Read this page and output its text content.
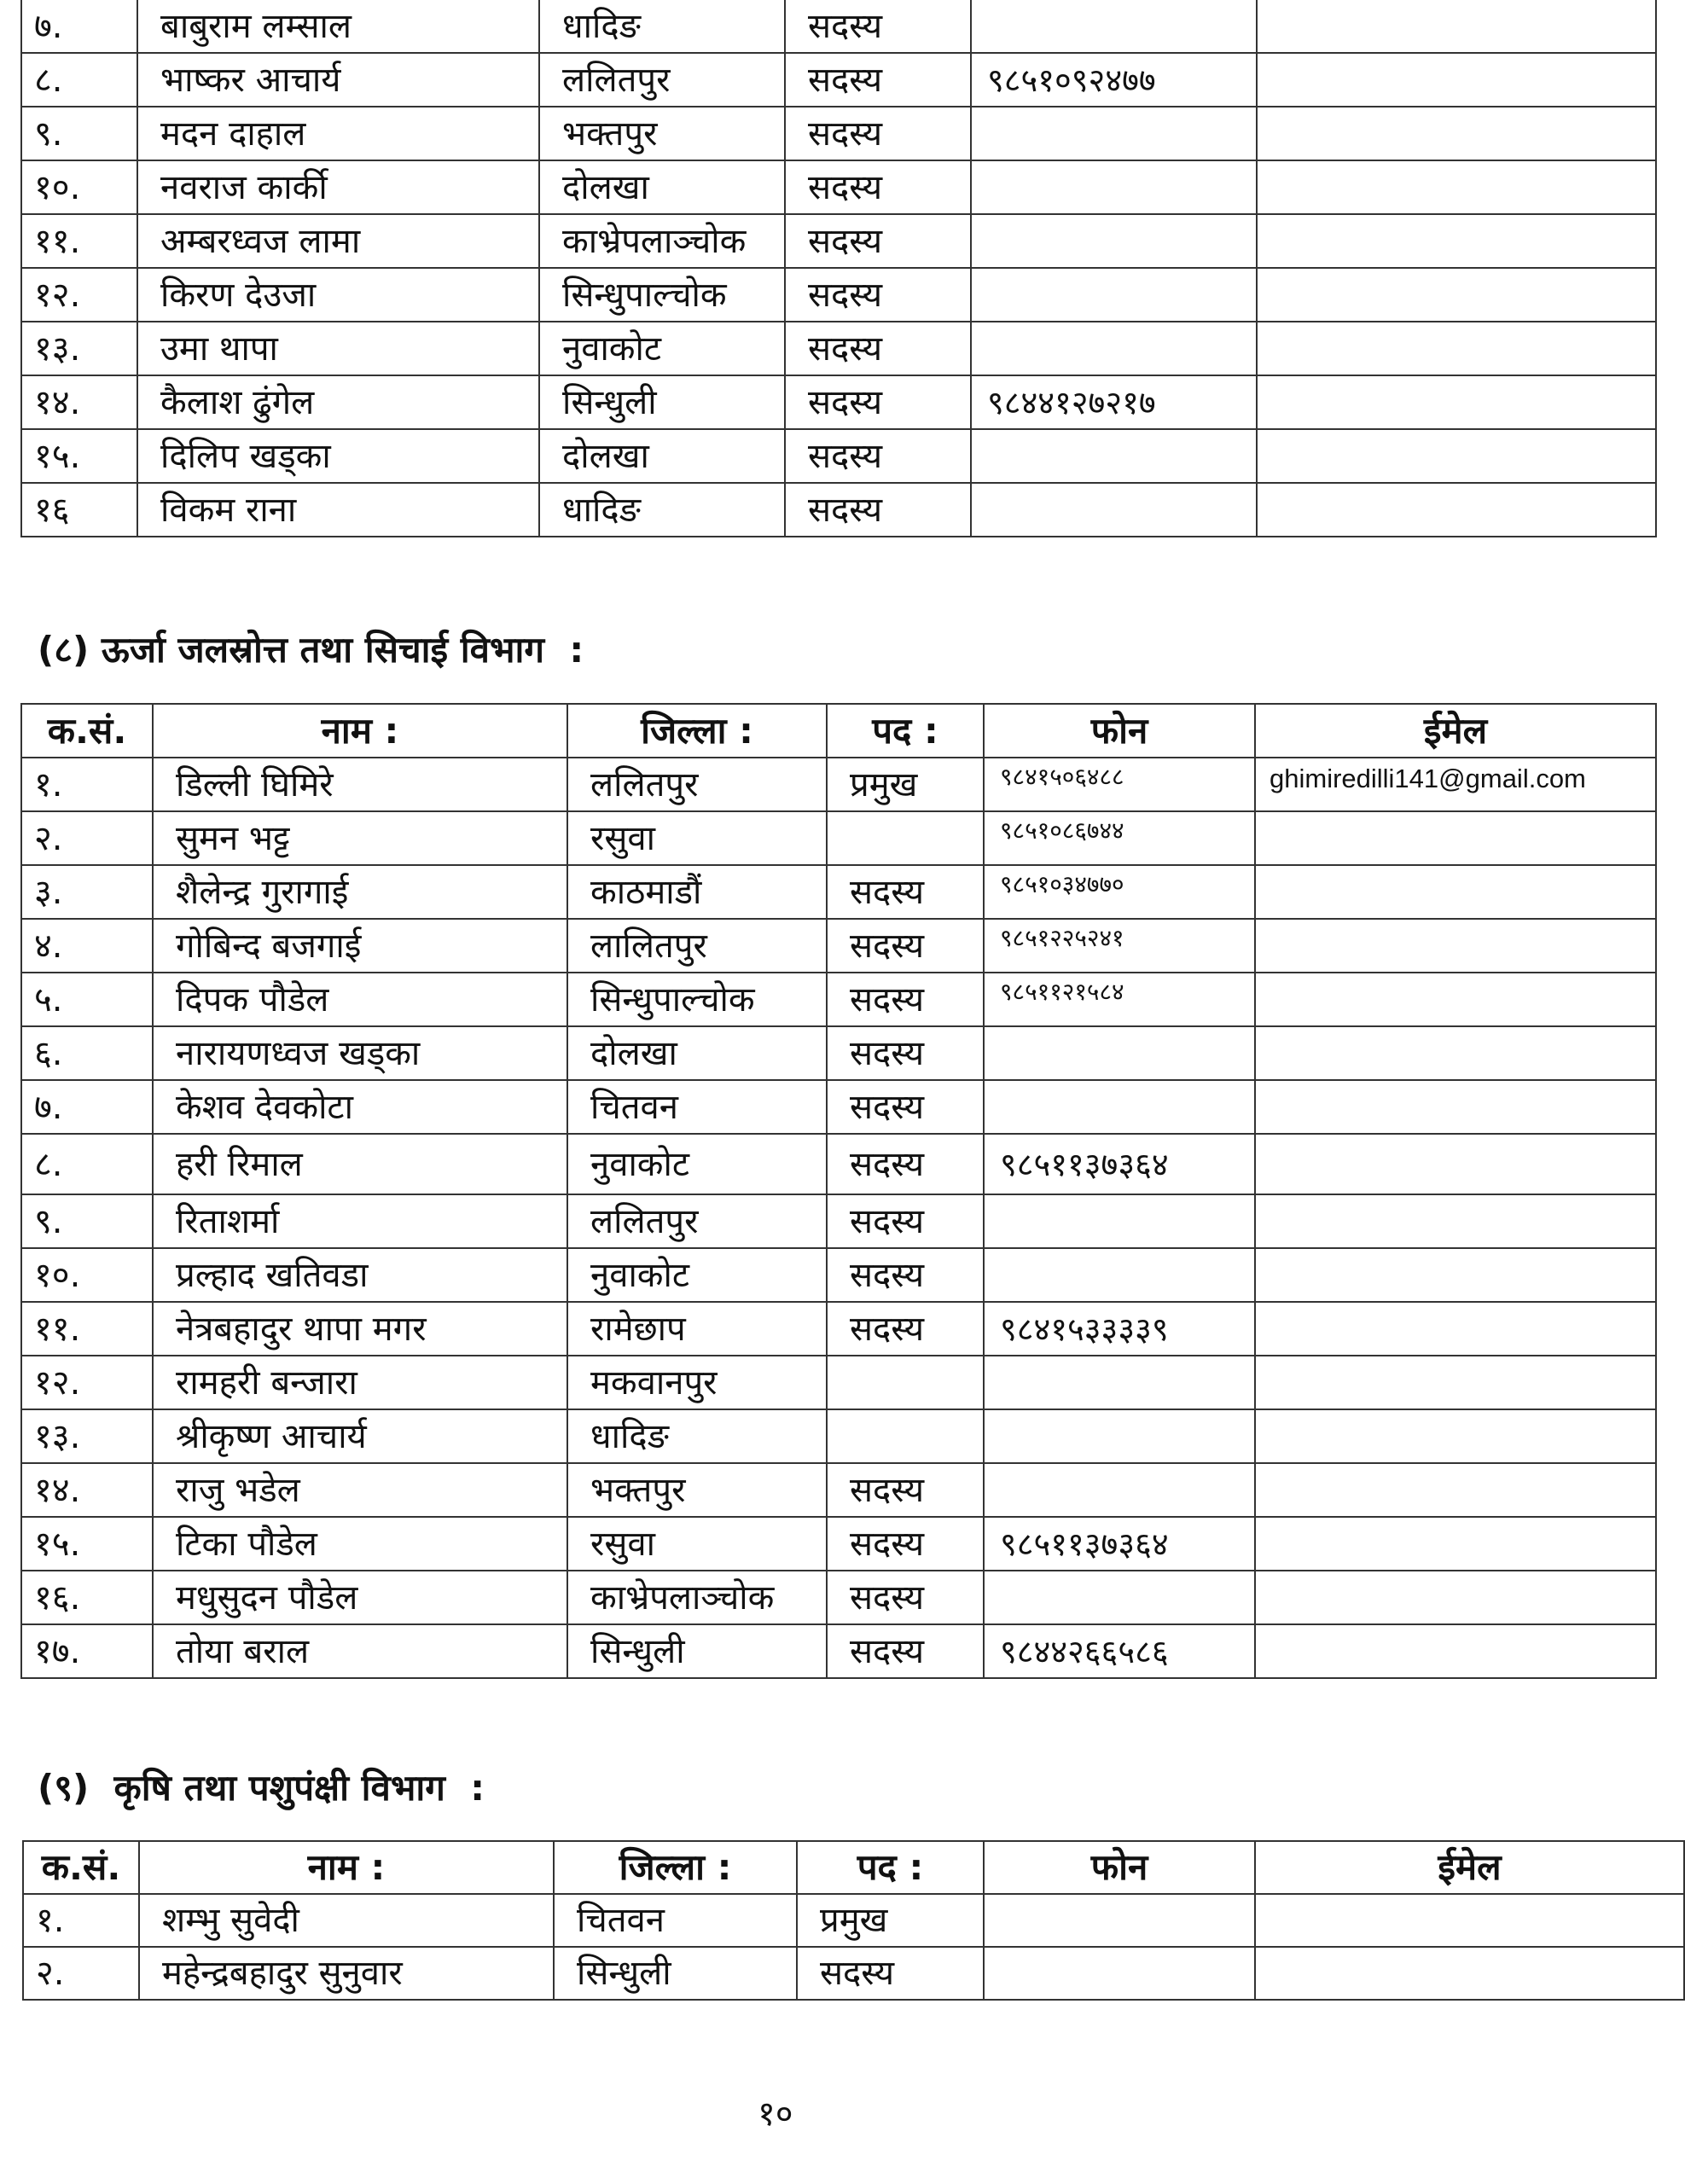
७.	बाबुराम लम्साल	धादिङ	सदस्य		
८.	भाष्कर आचार्य	ललितपुर	सदस्य	९८५१०९२४७७	
९.	मदन दाहाल	भक्तपुर	सदस्य		
१०.	नवराज कार्की	दोलखा	सदस्य		
११.	अम्बरध्वज लामा	काभ्रेपलाञ्चोक	सदस्य		
१२.	किरण देउजा	सिन्धुपाल्चोक	सदस्य		
१३.	उमा थापा	नुवाकोट	सदस्य		
१४.	कैलाश ढुंगेल	सिन्धुली	सदस्य	९८४४१२७२१७	
१५.	दिलिप खड्का	दोलखा	सदस्य		
१६	विकम राना	धादिङ	सदस्य		
(८) ऊर्जा जलस्रोत्त तथा सिचाई विभाग  :
क.सं.	नाम :	जिल्ला :	पद :	फोन	ईमेल
१.	डिल्ली घिमिरे	ललितपुर	प्रमुख	९८४१५०६४८८	ghimiredilli141@gmail.com
२.	सुमन भट्ट	रसुवा		९८५१०८६७४४	
३.	शैलेन्द्र गुरागाई	काठमाडौं	सदस्य	९८५१०३४७७०	
४.	गोबिन्द बजगाई	लालितपुर	सदस्य	९८५१२२५२४१	
५.	दिपक पौडेल	सिन्धुपाल्चोक	सदस्य	९८५११२१५८४	
६.	नारायणध्वज खड्का	दोलखा	सदस्य		
७.	केशव देवकोटा	चितवन	सदस्य		
८.	हरी रिमाल	नुवाकोट	सदस्य	९८५११३७३६४	
९.	रिताशर्मा	ललितपुर	सदस्य		
१०.	प्रल्हाद खतिवडा	नुवाकोट	सदस्य		
११.	नेत्रबहादुर थापा मगर	रामेछाप	सदस्य	९८४१५३३३३९	
१२.	रामहरी बन्जारा	मकवानपुर			
१३.	श्रीकृष्ण आचार्य	धादिङ			
१४.	राजु भडेल	भक्तपुर	सदस्य		
१५.	टिका पौडेल	रसुवा	सदस्य	९८५११३७३६४	
१६.	मधुसुदन पौडेल	काभ्रेपलाञ्चोक	सदस्य		
१७.	तोया बराल	सिन्धुली	सदस्य	९८४४२६६५८६	
(९)  कृषि तथा पशुपंक्षी विभाग  :
क.सं.	नाम :	जिल्ला :	पद :	फोन	ईमेल
१.	शम्भु सुवेदी	चितवन	प्रमुख		
२.	महेन्द्रबहादुर सुनुवार	सिन्धुली	सदस्य		
१०
